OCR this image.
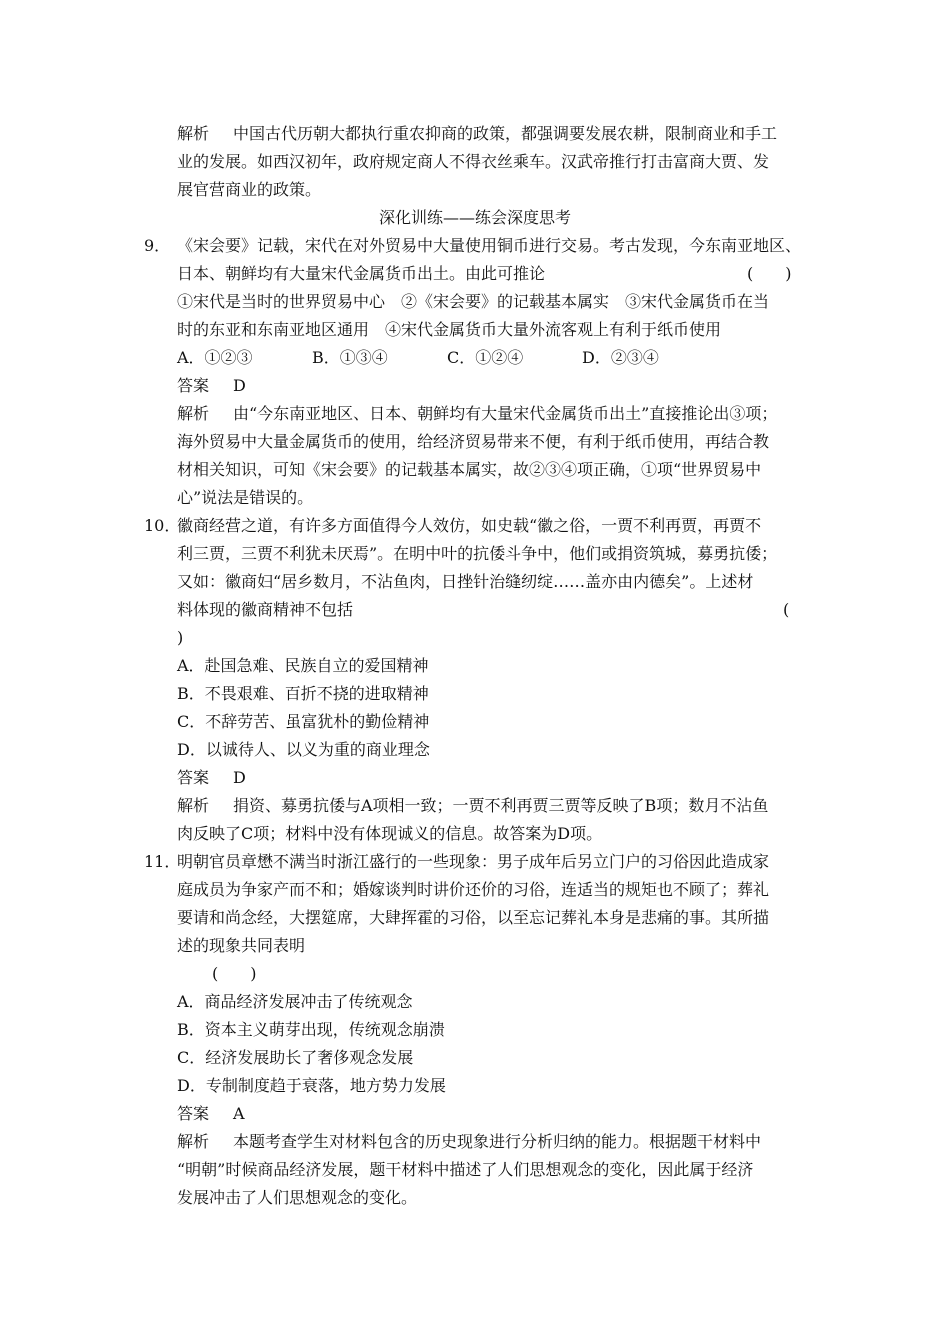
解析 中国古代历朝大都执行重农抑商的政策，都强调要发展农耕，限制商业和手工
业的发展。如西汉初年，政府规定商人不得衣丝乘车。汉武帝推行打击富商大贾、发
展官营商业的政策。
深化训练——练会深度思考
9． 《宋会要》记载，宋代在对外贸易中大量使用铜币进行交易。考古发现，今东南亚地区、
日本、朝鲜均有大量宋代金属货币出土。由此可推论	(　　)
①宋代是当时的世界贸易中心　②《宋会要》的记载基本属实　③宋代金属货币在当
时的东亚和东南亚地区通用　④宋代金属货币大量外流客观上有利于纸币使用
A．①②③	B．①③④	C．①②④	D．②③④
答案 D
解析 由“今东南亚地区、日本、朝鲜均有大量宋代金属货币出土”直接推论出③项；
海外贸易中大量金属货币的使用，给经济贸易带来不便，有利于纸币使用，再结合教
材相关知识，可知《宋会要》的记载基本属实，故②③④项正确，①项“世界贸易中
心”说法是错误的。
10．徽商经营之道，有许多方面值得今人效仿，如史载“徽之俗，一贾不利再贾，再贾不
利三贾，三贾不利犹未厌焉”。在明中叶的抗倭斗争中，他们或捐资筑城，募勇抗倭；
又如：徽商妇“居乡数月，不沾鱼肉，日挫针治缝纫绽……盖亦由内德矣”。上述材
料体现的徽商精神不包括	(
)
A．赴国急难、民族自立的爱国精神
B．不畏艰难、百折不挠的进取精神
C．不辞劳苦、虽富犹朴的勤俭精神
D．以诚待人、以义为重的商业理念
答案 D
解析 捐资、募勇抗倭与A项相一致；一贾不利再贾三贾等反映了B项；数月不沾鱼
肉反映了C项；材料中没有体现诚义的信息。故答案为D项。
11．明朝官员章懋不满当时浙江盛行的一些现象：男子成年后另立门户的习俗因此造成家
庭成员为争家产而不和；婚嫁谈判时讲价还价的习俗，连适当的规矩也不顾了；葬礼
要请和尚念经，大摆筵席，大肆挥霍的习俗，以至忘记葬礼本身是悲痛的事。其所描
述的现象共同表明
(　　)
A．商品经济发展冲击了传统观念
B．资本主义萌芽出现，传统观念崩溃
C．经济发展助长了奢侈观念发展
D．专制制度趋于衰落，地方势力发展
答案 A
解析 本题考查学生对材料包含的历史现象进行分析归纳的能力。根据题干材料中
“明朝”时候商品经济发展，题干材料中描述了人们思想观念的变化，因此属于经济
发展冲击了人们思想观念的变化。
